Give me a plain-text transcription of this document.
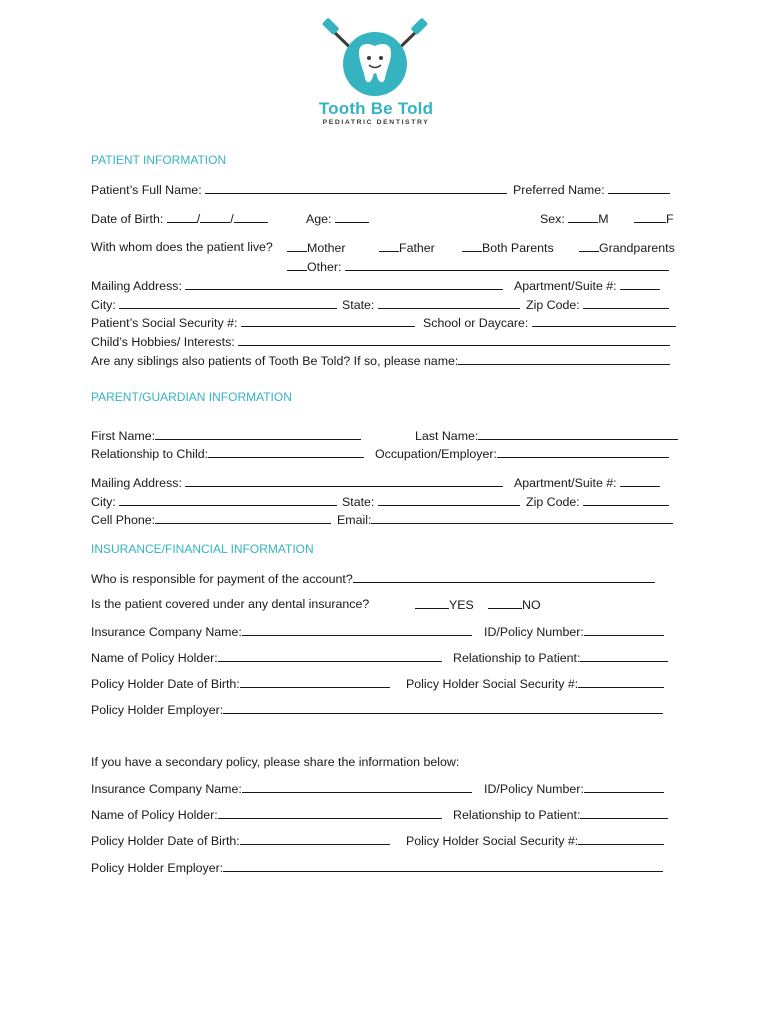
Tooth Be Told
PEDIATRIC DENTISTRY
PATIENT INFORMATION
Patient’s Full Name:	Preferred Name:
Date of Birth:	/ /	Age:	Sex:	M	F
With whom does the patient live?	Mother	Father	Both Parents	Grandparents
Other:
Mailing Address:	Apartment/Suite #:
City:	State:	Zip Code:
Patient’s Social Security #:	School or Daycare:
Child’s Hobbies/ Interests:
Are any siblings also patients of Tooth Be Told? If so, please name:
PARENT/GUARDIAN INFORMATION
First Name:	Last Name:
Relationship to Child:	Occupation/Employer:
Mailing Address:	Apartment/Suite #:
City:	State:	Zip Code:
Cell Phone:	Email:
INSURANCE/FINANCIAL INFORMATION
Who is responsible for payment of the account?
Is the patient covered under any dental insurance?	YES	NO
Insurance Company Name:	ID/Policy Number:
Name of Policy Holder:	Relationship to Patient:
Policy Holder Date of Birth:	Policy Holder Social Security #:
Policy Holder Employer:
If you have a secondary policy, please share the information below:
Insurance Company Name:	ID/Policy Number:
Name of Policy Holder:	Relationship to Patient:
Policy Holder Date of Birth:	Policy Holder Social Security #:
Policy Holder Employer:
